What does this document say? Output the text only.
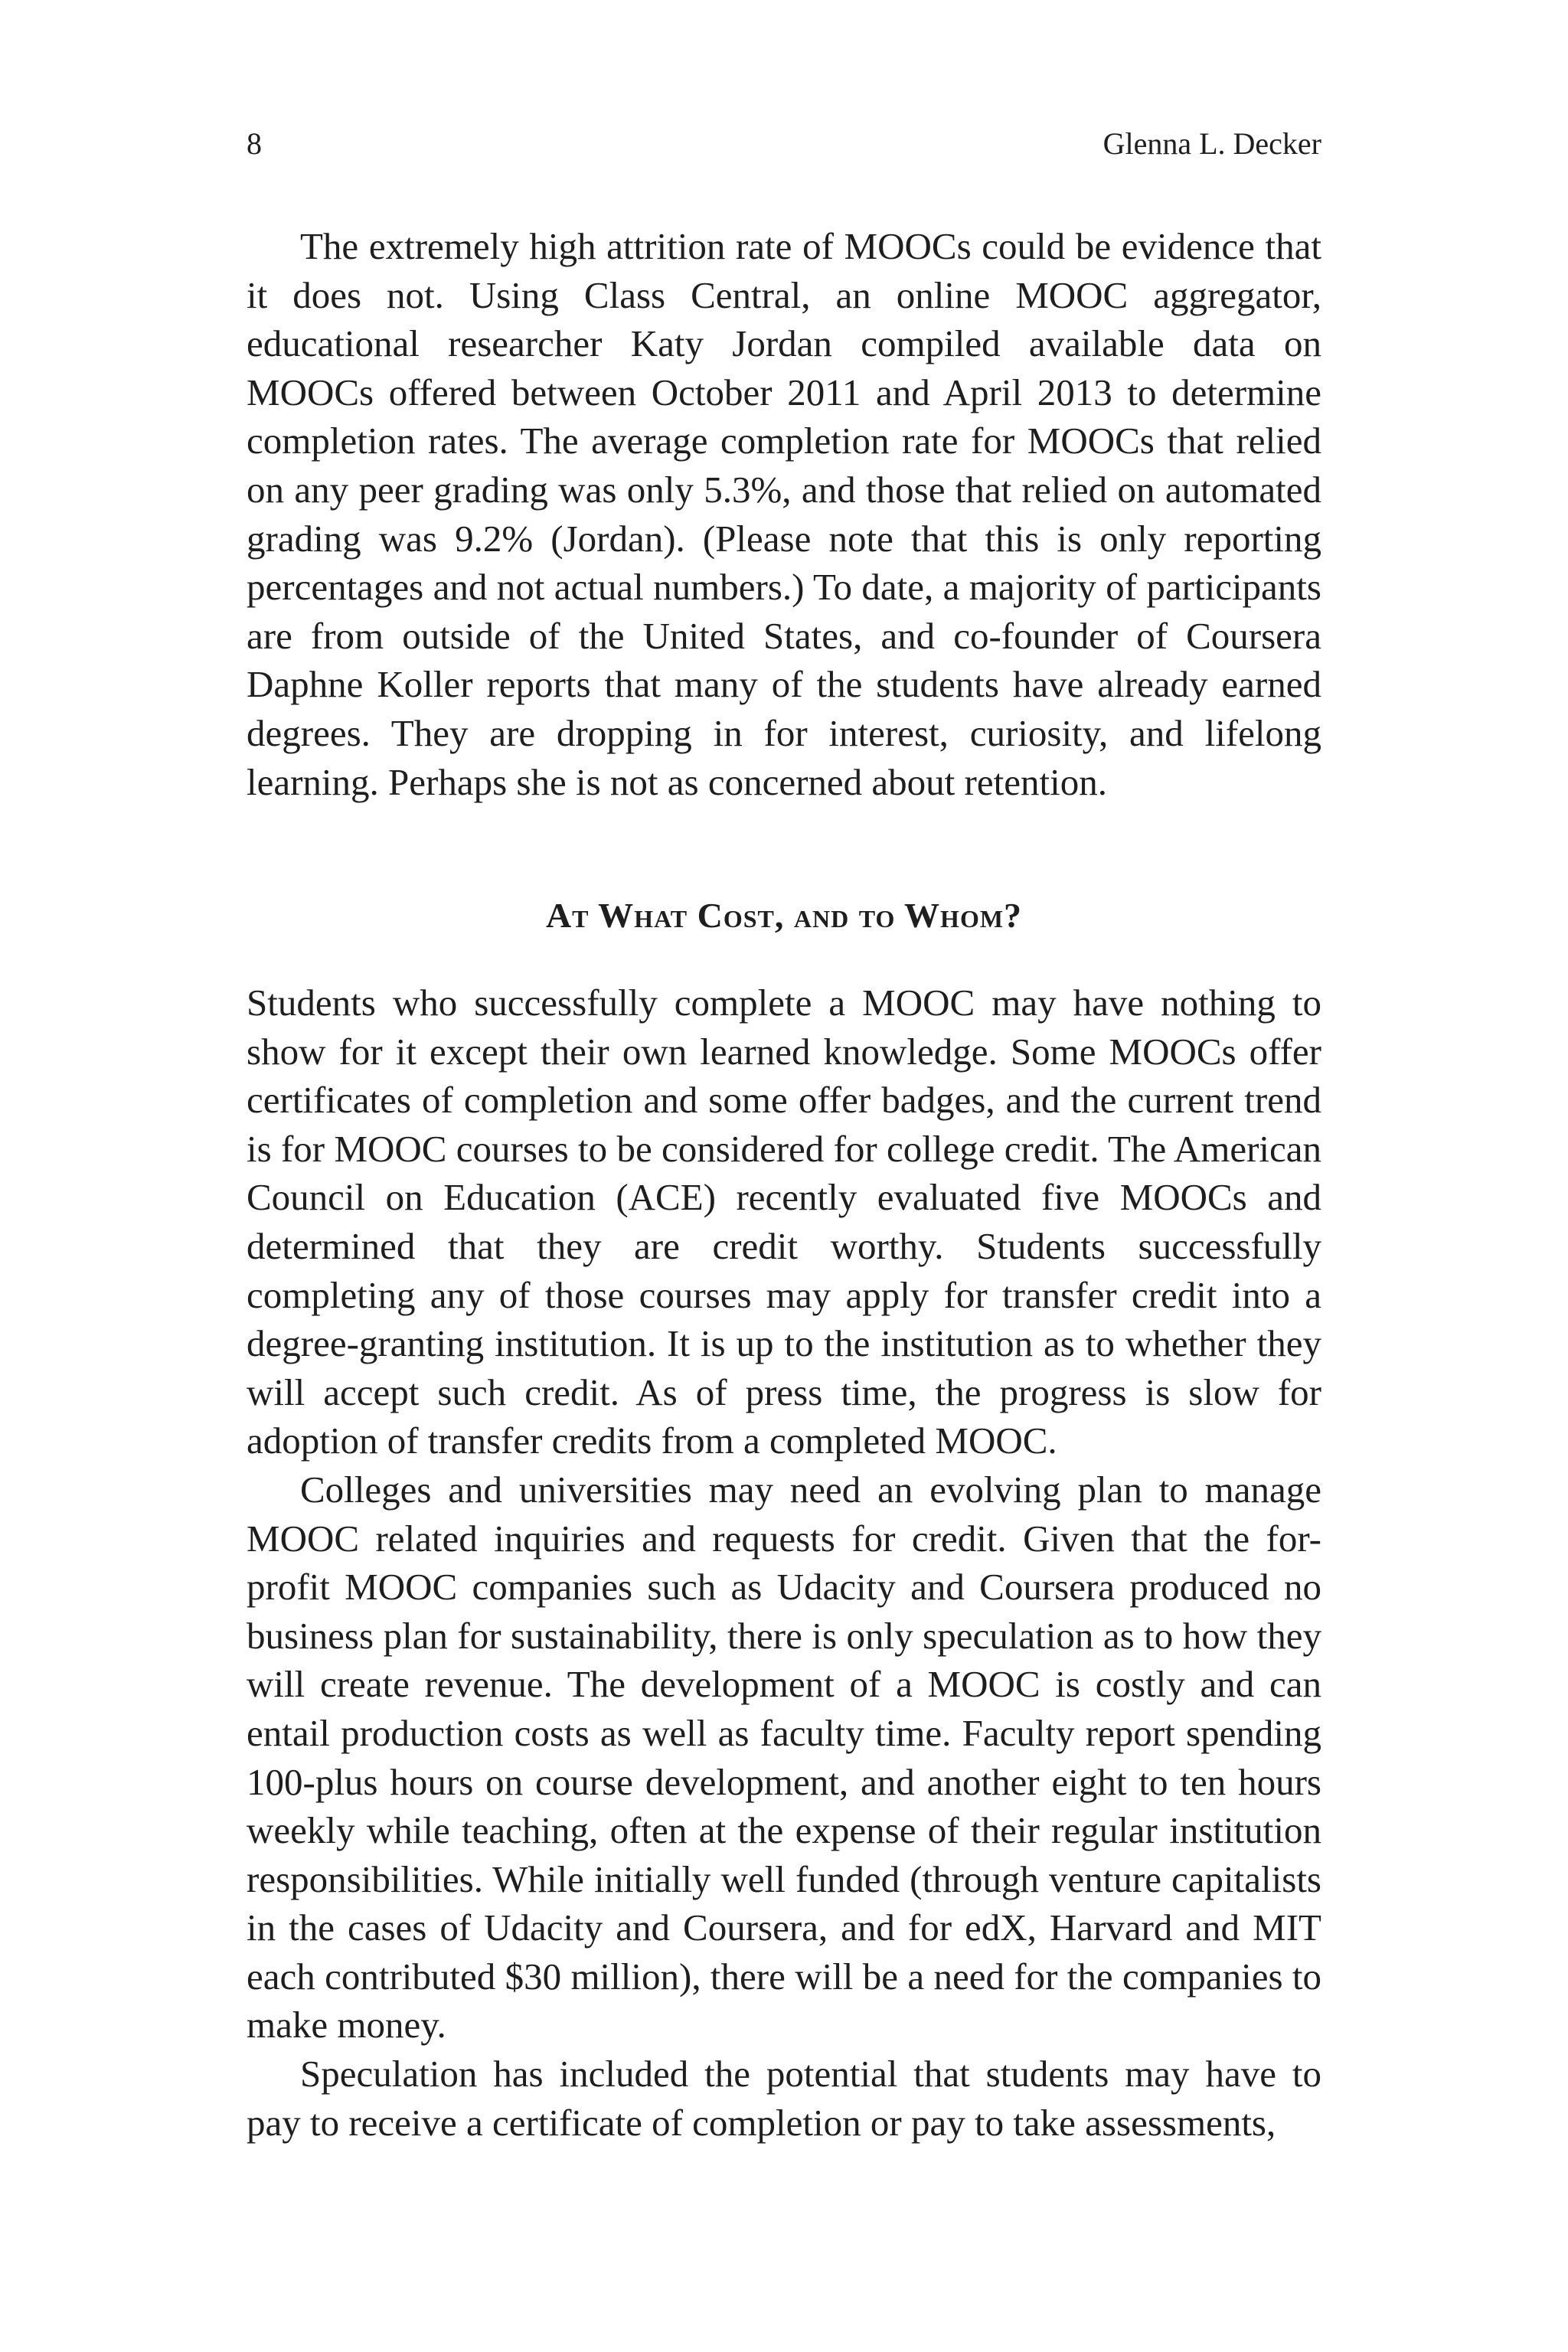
8	Glenna L. Decker

The extremely high attrition rate of MOOCs could be evidence that it does not. Using Class Central, an online MOOC aggregator, educational researcher Katy Jordan compiled available data on MOOCs offered between October 2011 and April 2013 to determine completion rates. The average completion rate for MOOCs that relied on any peer grading was only 5.3%, and those that relied on automated grading was 9.2% (Jordan). (Please note that this is only reporting percentages and not actual numbers.) To date, a majority of participants are from outside of the United States, and co-founder of Coursera Daphne Koller reports that many of the students have already earned degrees. They are dropping in for interest, curiosity, and lifelong learning. Perhaps she is not as concerned about retention.

At What Cost, and to Whom?

Students who successfully complete a MOOC may have nothing to show for it except their own learned knowledge. Some MOOCs offer certificates of completion and some offer badges, and the current trend is for MOOC courses to be considered for college credit. The American Council on Education (ACE) recently evaluated five MOOCs and determined that they are credit worthy. Students successfully completing any of those courses may apply for transfer credit into a degree-granting institution. It is up to the institution as to whether they will accept such credit. As of press time, the progress is slow for adoption of transfer credits from a completed MOOC.

Colleges and universities may need an evolving plan to manage MOOC related inquiries and requests for credit. Given that the for-profit MOOC companies such as Udacity and Coursera produced no business plan for sustainability, there is only speculation as to how they will create revenue. The development of a MOOC is costly and can entail production costs as well as faculty time. Faculty report spending 100-plus hours on course development, and another eight to ten hours weekly while teaching, often at the expense of their regular institution responsibilities. While initially well funded (through venture capitalists in the cases of Udacity and Coursera, and for edX, Harvard and MIT each contributed $30 million), there will be a need for the companies to make money.

Speculation has included the potential that students may have to pay to receive a certificate of completion or pay to take assessments,
